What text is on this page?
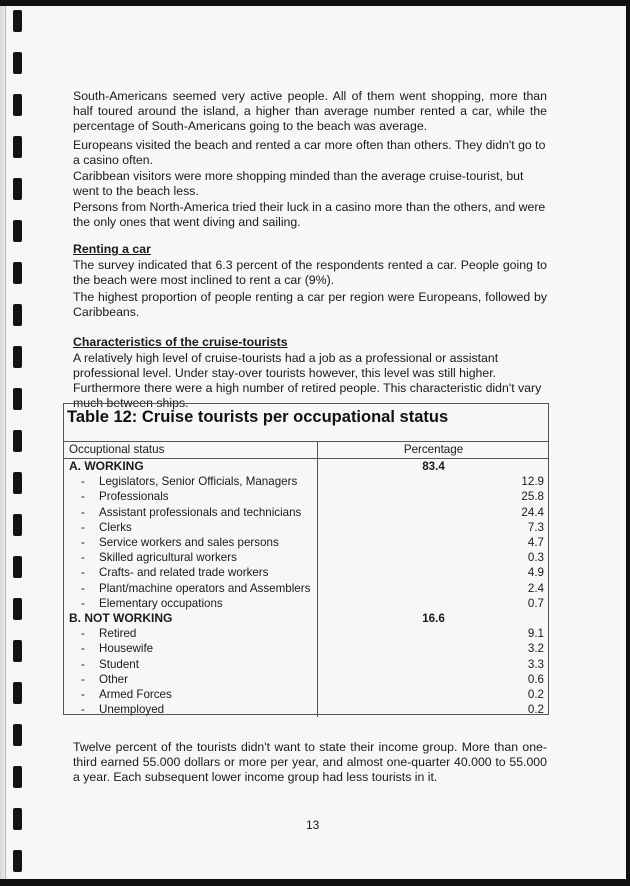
South-Americans seemed very active people. All of them went shopping, more than half toured around the island, a higher than average number rented a car, while the percentage of South-Americans going to the beach was average.

Europeans visited the beach and rented a car more often than others. They didn't go to a casino often.

Caribbean visitors were more shopping minded than the average cruise-tourist, but went to the beach less.

Persons from North-America tried their luck in a casino more than the others, and were the only ones that went diving and sailing.

Renting a car

The survey indicated that 6.3 percent of the respondents rented a car. People going to the beach were most inclined to rent a car (9%).

The highest proportion of people renting a car per region were Europeans, followed by Caribbeans.

Characteristics of the cruise-tourists

A relatively high level of cruise-tourists had a job as a professional or assistant professional level. Under stay-over tourists however, this level was still higher. Furthermore there were a high number of retired people. This characteristic didn't vary much between ships.

Twelve percent of the tourists didn't want to state their income group. More than one-third earned 55.000 dollars or more per year, and almost one-quarter 40.000 to 55.000 a year. Each subsequent lower income group had less tourists in it.

Table 12: Cruise tourists per occupational status
Occuptional status	Percentage
A. WORKING	83.4
- Legislators, Senior Officials, Managers	12.9
- Professionals	25.8
- Assistant professionals and technicians	24.4
- Clerks	7.3
- Service workers and sales persons	4.7
- Skilled agricultural workers	0.3
- Crafts- and related trade workers	4.9
- Plant/machine operators and Assemblers	2.4
- Elementary occupations	0.7
B. NOT WORKING	16.6
- Retired	9.1
- Housewife	3.2
- Student	3.3
- Other	0.6
- Armed Forces	0.2
- Unemployed	0.2
13
